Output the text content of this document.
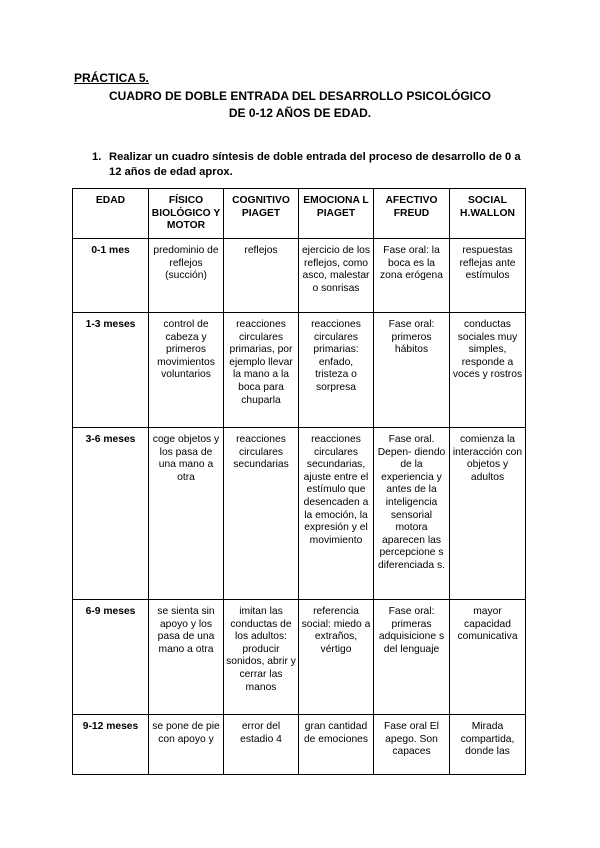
PRÁCTICA 5.

CUADRO DE DOBLE ENTRADA DEL DESARROLLO PSICOLÓGICO

DE 0-12 AÑOS DE EDAD.

1. Realizar un cuadro síntesis de doble entrada del proceso de desarrollo de 0 a
12 años de edad aprox.
EDAD	FÍSICO BIOLÓGICO Y MOTOR	COGNITIVO PIAGET	EMOCIONA L PIAGET	AFECTIVO FREUD	SOCIAL H.WALLON
0-1 mes	predominio de reflejos (succión)	reflejos	ejercicio de los reflejos, como asco, malestar o sonrisas	Fase oral: la boca es la zona erógena	respuestas reflejas ante estímulos
1-3 meses	control de cabeza y primeros movimientos voluntarios	reacciones circulares primarias, por ejemplo llevar la mano a la boca para chuparla	reacciones circulares primarias: enfado, tristeza o sorpresa	Fase oral: primeros hábitos	conductas sociales muy simples, responde a voces y rostros
3-6 meses	coge objetos y los pasa de una mano a otra	reacciones circulares secundarias	reacciones circulares secundarias, ajuste entre el estímulo que desencaden a la emoción, la expresión y el movimiento	Fase oral. Depen- diendo de la experiencia y antes de la inteligencia sensorial motora aparecen las percepcione s diferenciada s.	comienza la interacción con objetos y adultos
6-9 meses	se sienta sin apoyo y los pasa de una mano a otra	imitan las conductas de los adultos: producir sonidos, abrir y cerrar las manos	referencia social: miedo a extraños, vértigo	Fase oral: primeras adquisicione s del lenguaje	mayor capacidad comunicativa
9-12 meses	se pone de pie con apoyo y	error del estadio 4	gran cantidad de emociones	Fase oral El apego. Son capaces	Mirada compartida, donde las
